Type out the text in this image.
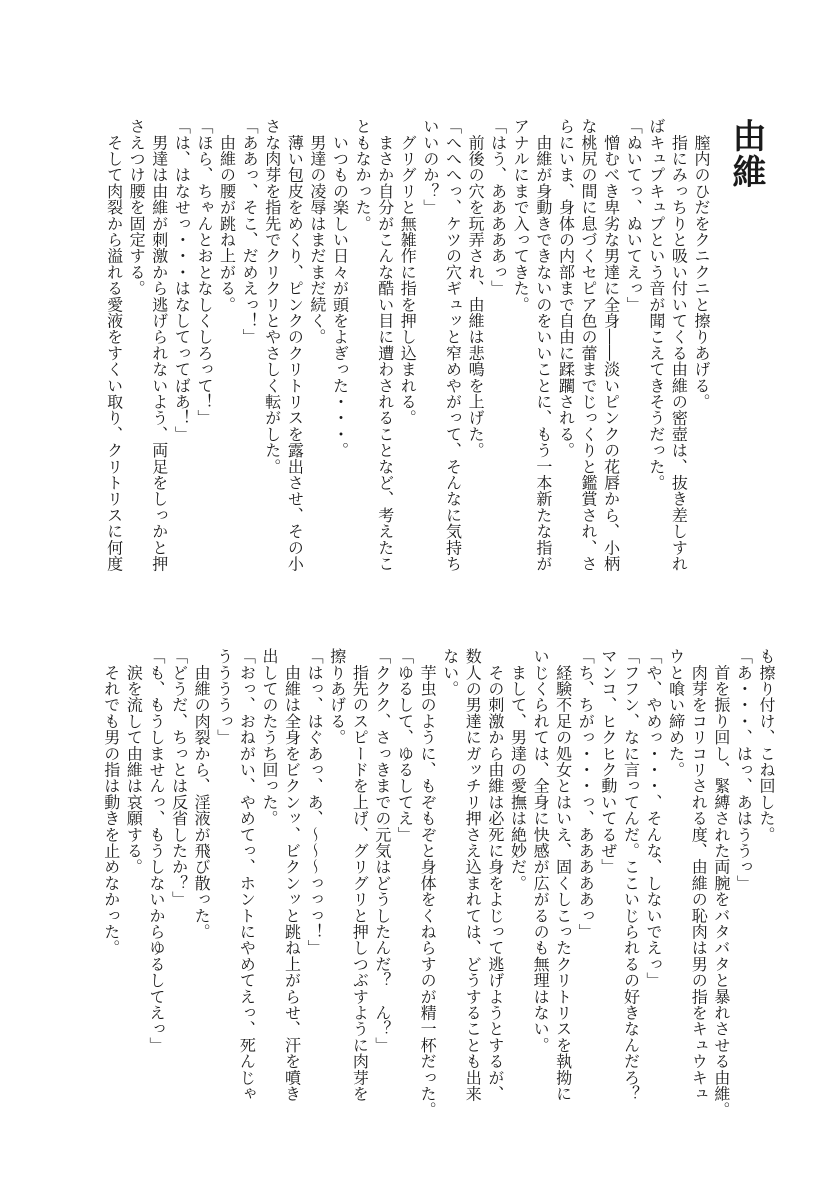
由維
　膣内のひだをクニクニと擦りあげる。
　指にみっちりと吸い付いてくる由維の密壺は、抜き差しすれ
ばキュプキュプという音が聞こえてきそうだった。
「ぬいてっ、ぬいてえっ」
　憎むべき卑劣な男達に全身――淡いピンクの花唇から、小柄
な桃尻の間に息づくセピア色の蕾までじっくりと鑑賞され、さ
らにいま、身体の内部まで自由に蹂躙される。
　由維が身動きできないのをいいことに、もう一本新たな指が
アナルにまで入ってきた。
「はう、あああああっ」
　前後の穴を玩弄され、由維は悲鳴を上げた。
「へへへっ、ケツの穴ギュッと窄めやがって、そんなに気持ち
いいのか？」
　グリグリと無雑作に指を押し込まれる。
　まさか自分がこんな酷い目に遭わされることなど、考えたこ
ともなかった。
　いつもの楽しい日々が頭をよぎった・・・。
　男達の凌辱はまだまだ続く。
　薄い包皮をめくり、ピンクのクリトリスを露出させ、その小
さな肉芽を指先でクリクリとやさしく転がした。
「ああっ、そこ、だめえっ！」
　由維の腰が跳ね上がる。
「ほら、ちゃんとおとなしくしろって！」
「は、はなせっ・・・はなしてってばあ！」
　男達は由維が刺激から逃げられないよう、両足をしっかと押
さえつけ腰を固定する。
　そして肉裂から溢れる愛液をすくい取り、クリトリスに何度
も擦り付け、こね回した。
「あ・・・、はっ、あはううっ」
　首を振り回し、緊縛された両腕をバタバタと暴れさせる由維。
　肉芽をコリコリされる度、由維の恥肉は男の指をキュウキュ
ウと喰い締めた。
「や、やめっ・・・、そんな、しないでえっ」
「フフン、なに言ってんだ。ここいじられるの好きなんだろ？
マンコ、ヒクヒク動いてるぜ」
「ち、ちがっ・・・っ、あああああっ」
　経験不足の処女とはいえ、固くしこったクリトリスを執拗に
いじくられては、全身に快感が広がるのも無理はない。
　まして、男達の愛撫は絶妙だ。
　その刺激から由維は必死に身をよじって逃げようとするが、
数人の男達にガッチリ押さえ込まれては、どうすることも出来
ない。
　芋虫のように、もぞもぞと身体をくねらすのが精一杯だった。
「ゆるして、ゆるしてえ」
「ククク、さっきまでの元気はどうしたんだ？　ん？」
　指先のスピードを上げ、グリグリと押しつぶすように肉芽を
擦りあげる。
「はっ、はぐあっ、あ、〜〜〜っっっ！」
　由維は全身をビクンッ、ビクンッと跳ね上がらせ、汗を噴き
出してのたうち回った。
「おっ、おねがい、やめてっ、ホントにやめてえっ、死んじゃ
ううううっ」
　由維の肉裂から、淫液が飛び散った。
「どうだ、ちっとは反省したか？」
「も、もうしませんっ、もうしないからゆるしてえっ」
　涙を流して由維は哀願する。
　それでも男の指は動きを止めなかった。
